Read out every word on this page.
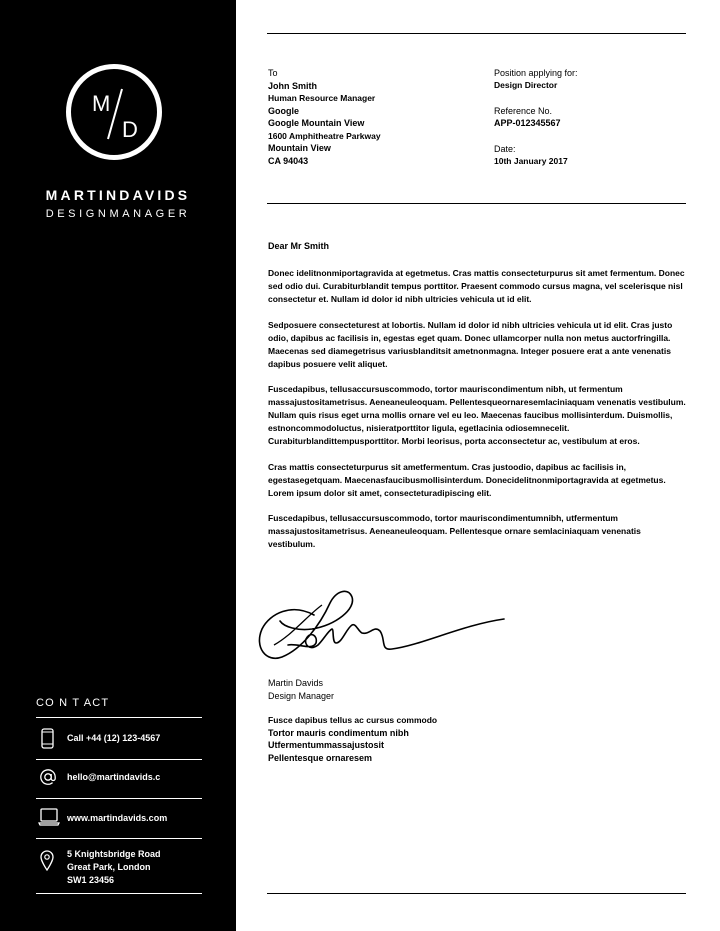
M
D
MARTINDAVIDS
DESIGNMANAGER
CO N T ACT
Call +44 (12) 123-4567
hello@martindavids.c
www.martindavids.com
5 Knightsbridge Road
Great Park, London
SW1 23456
To
John Smith
Human Resource Manager
Google
Google Mountain View
1600 Amphitheatre Parkway
Mountain View
CA 94043
Position applying for:
Design Director
Reference No.
APP-012345567
Date:
10th January 2017

Dear Mr Smith

Donec idelitnonmiportagravida at egetmetus. Cras mattis consecteturpurus sit amet fermentum. Donec sed odio dui. Curabiturblandit tempus porttitor. Praesent commodo cursus magna, vel scelerisque nisl consectetur et. Nullam id dolor id nibh ultricies vehicula ut id elit.

Sedposuere consecteturest at lobortis. Nullam id dolor id nibh ultricies vehicula ut id elit. Cras justo odio, dapibus ac facilisis in, egestas eget quam. Donec ullamcorper nulla non metus auctorfringilla. Maecenas sed diamegetrisus variusblanditsit ametnonmagna. Integer posuere erat a ante venenatis dapibus posuere velit aliquet.

Fuscedapibus, tellusaccursuscommodo, tortor mauriscondimentum nibh, ut fermentum massajustositametrisus. Aeneaneuleoquam. Pellentesqueornaresemlaciniaquam venenatis vestibulum. Nullam quis risus eget urna mollis ornare vel eu leo. Maecenas faucibus mollisinterdum. Duismollis, estnoncommodoluctus, nisieratporttitor ligula, egetlacinia odiosemnecelit. Curabiturblandittempusporttitor. Morbi leorisus, porta acconsectetur ac, vestibulum at eros.

Cras mattis consecteturpurus sit ametfermentum. Cras justoodio, dapibus ac facilisis in, egestasegetquam. Maecenasfaucibusmollisinterdum. Donecidelitnonmiportagravida at egetmetus. Lorem ipsum dolor sit amet, consecteturadipiscing elit.

Fuscedapibus, tellusaccursuscommodo, tortor mauriscondimentumnibh, utfermentum massajustositametrisus. Aeneaneuleoquam. Pellentesque ornare semlaciniaquam venenatis vestibulum.

Martin Davids
Design Manager
Fusce dapibus tellus ac cursus commodo
Tortor mauris condimentum nibh
Utfermentummassajustosit
Pellentesque ornaresem
